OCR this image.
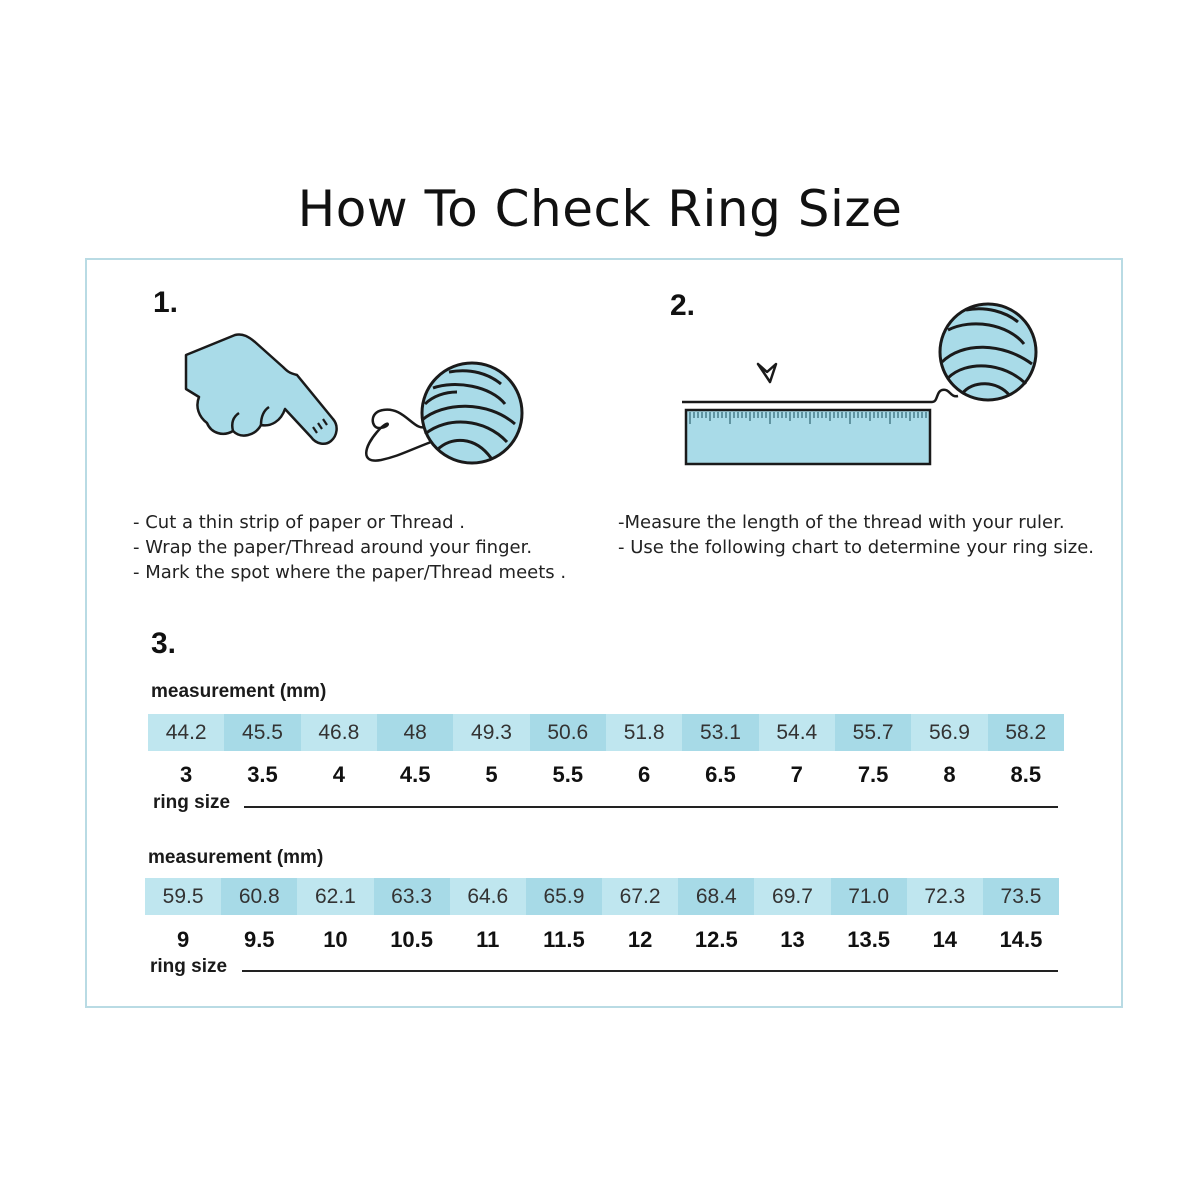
How To Check Ring Size
1.
- Cut a thin strip of paper or Thread .
- Wrap the paper/Thread around your finger.
- Mark the spot where the paper/Thread meets .
2.
-Measure the length of the thread with your ruler.
- Use the following chart to determine your ring size.
3.
measurement (mm)
44.2	45.5	46.8	48	49.3	50.6	51.8	53.1	54.4	55.7	56.9	58.2
3	3.5	4	4.5	5	5.5	6	6.5	7	7.5	8	8.5
ring size
measurement (mm)
59.5	60.8	62.1	63.3	64.6	65.9	67.2	68.4	69.7	71.0	72.3	73.5
9	9.5	10	10.5	11	11.5	12	12.5	13	13.5	14	14.5
ring size
